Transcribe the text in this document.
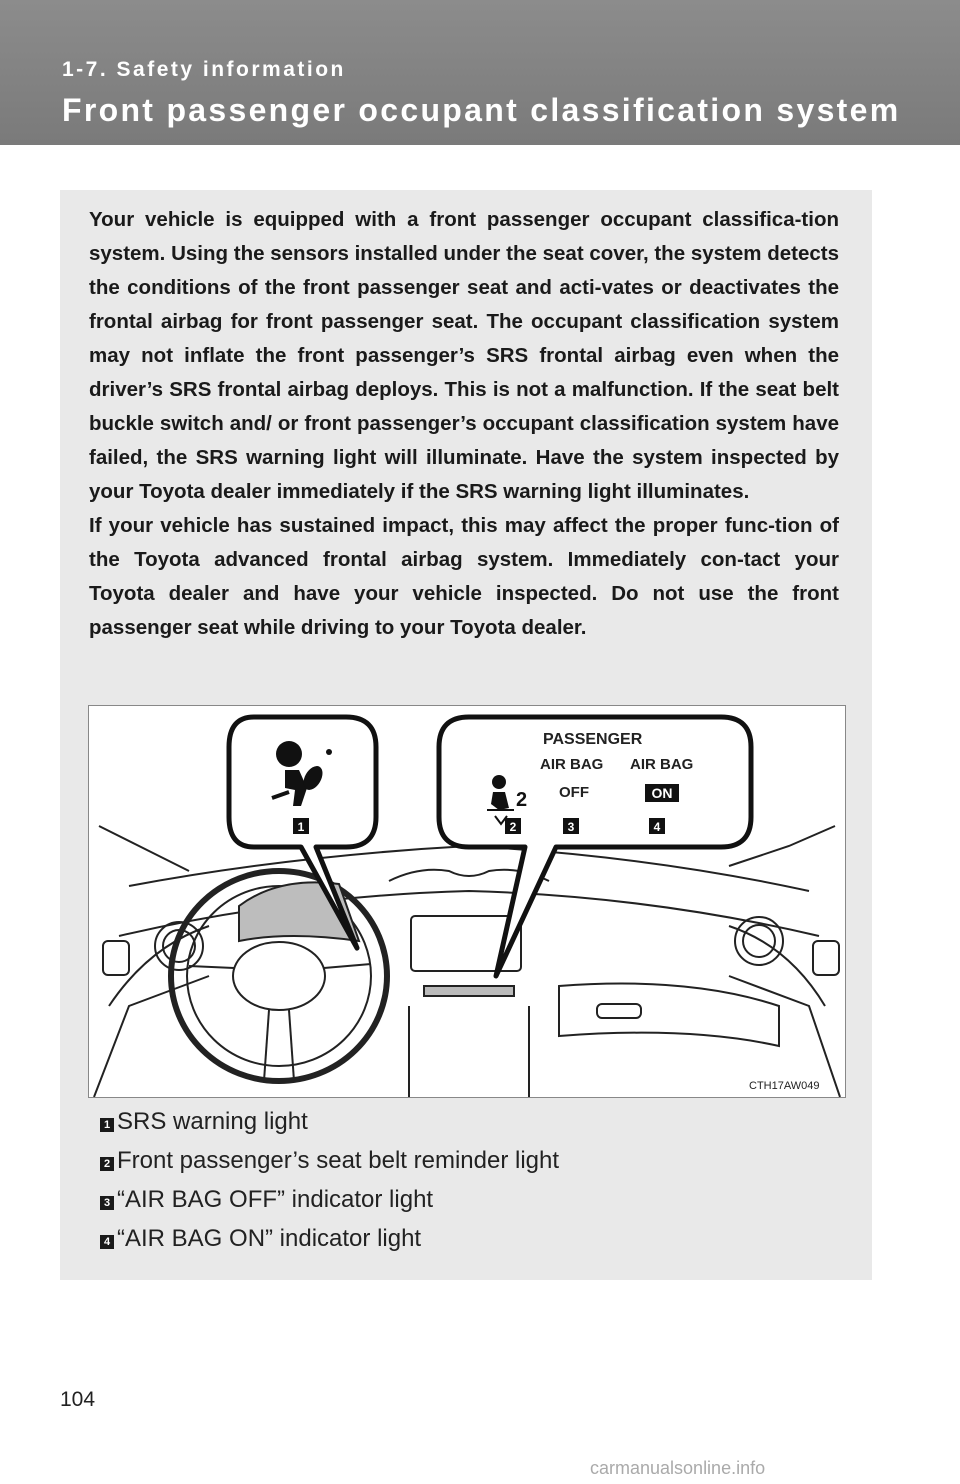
1-7. Safety information
Front passenger occupant classification system

Your vehicle is equipped with a front passenger occupant classifica-tion system. Using the sensors installed under the seat cover, the system detects the conditions of the front passenger seat and acti-vates or deactivates the frontal airbag for front passenger seat. The occupant classification system may not inflate the front passenger’s SRS frontal airbag even when the driver’s SRS frontal airbag deploys. This is not a malfunction. If the seat belt buckle switch and/ or front passenger’s occupant classification system have failed, the SRS warning light will illuminate. Have the system inspected by your Toyota dealer immediately if the SRS warning light illuminates.

If your vehicle has sustained impact, this may affect the proper func-tion of the Toyota advanced frontal airbag system. Immediately con-tact your Toyota dealer and have your vehicle inspected. Do not use the front passenger seat while driving to your Toyota dealer.

1
PASSENGER
AIR BAG AIR BAG
OFF	ON
2
2	3	4
CTH17AW049
1 SRS warning light
2 Front passenger’s seat belt reminder light
3 “AIR BAG OFF” indicator light
4 “AIR BAG ON” indicator light
104
carmanualsonline.info
